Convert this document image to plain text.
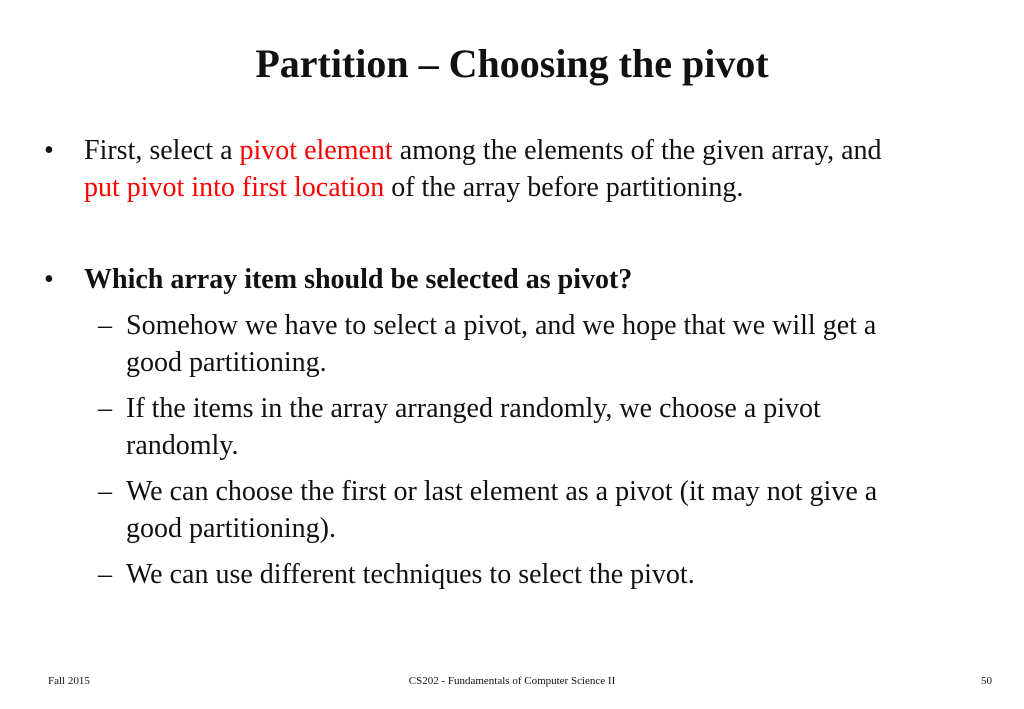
Partition – Choosing the pivot
• First, select a pivot element among the elements of the given array, and
put pivot into first location of the array before partitioning.
• Which array item should be selected as pivot?
– Somehow we have to select a pivot, and we hope that we will get a
good partitioning.
– If the items in the array arranged randomly, we choose a pivot
randomly.
– We can choose the first or last element as a pivot (it may not give a
good partitioning).
– We can use different techniques to select the pivot.
Fall 2015	CS202 - Fundamentals of Computer Science II	50
